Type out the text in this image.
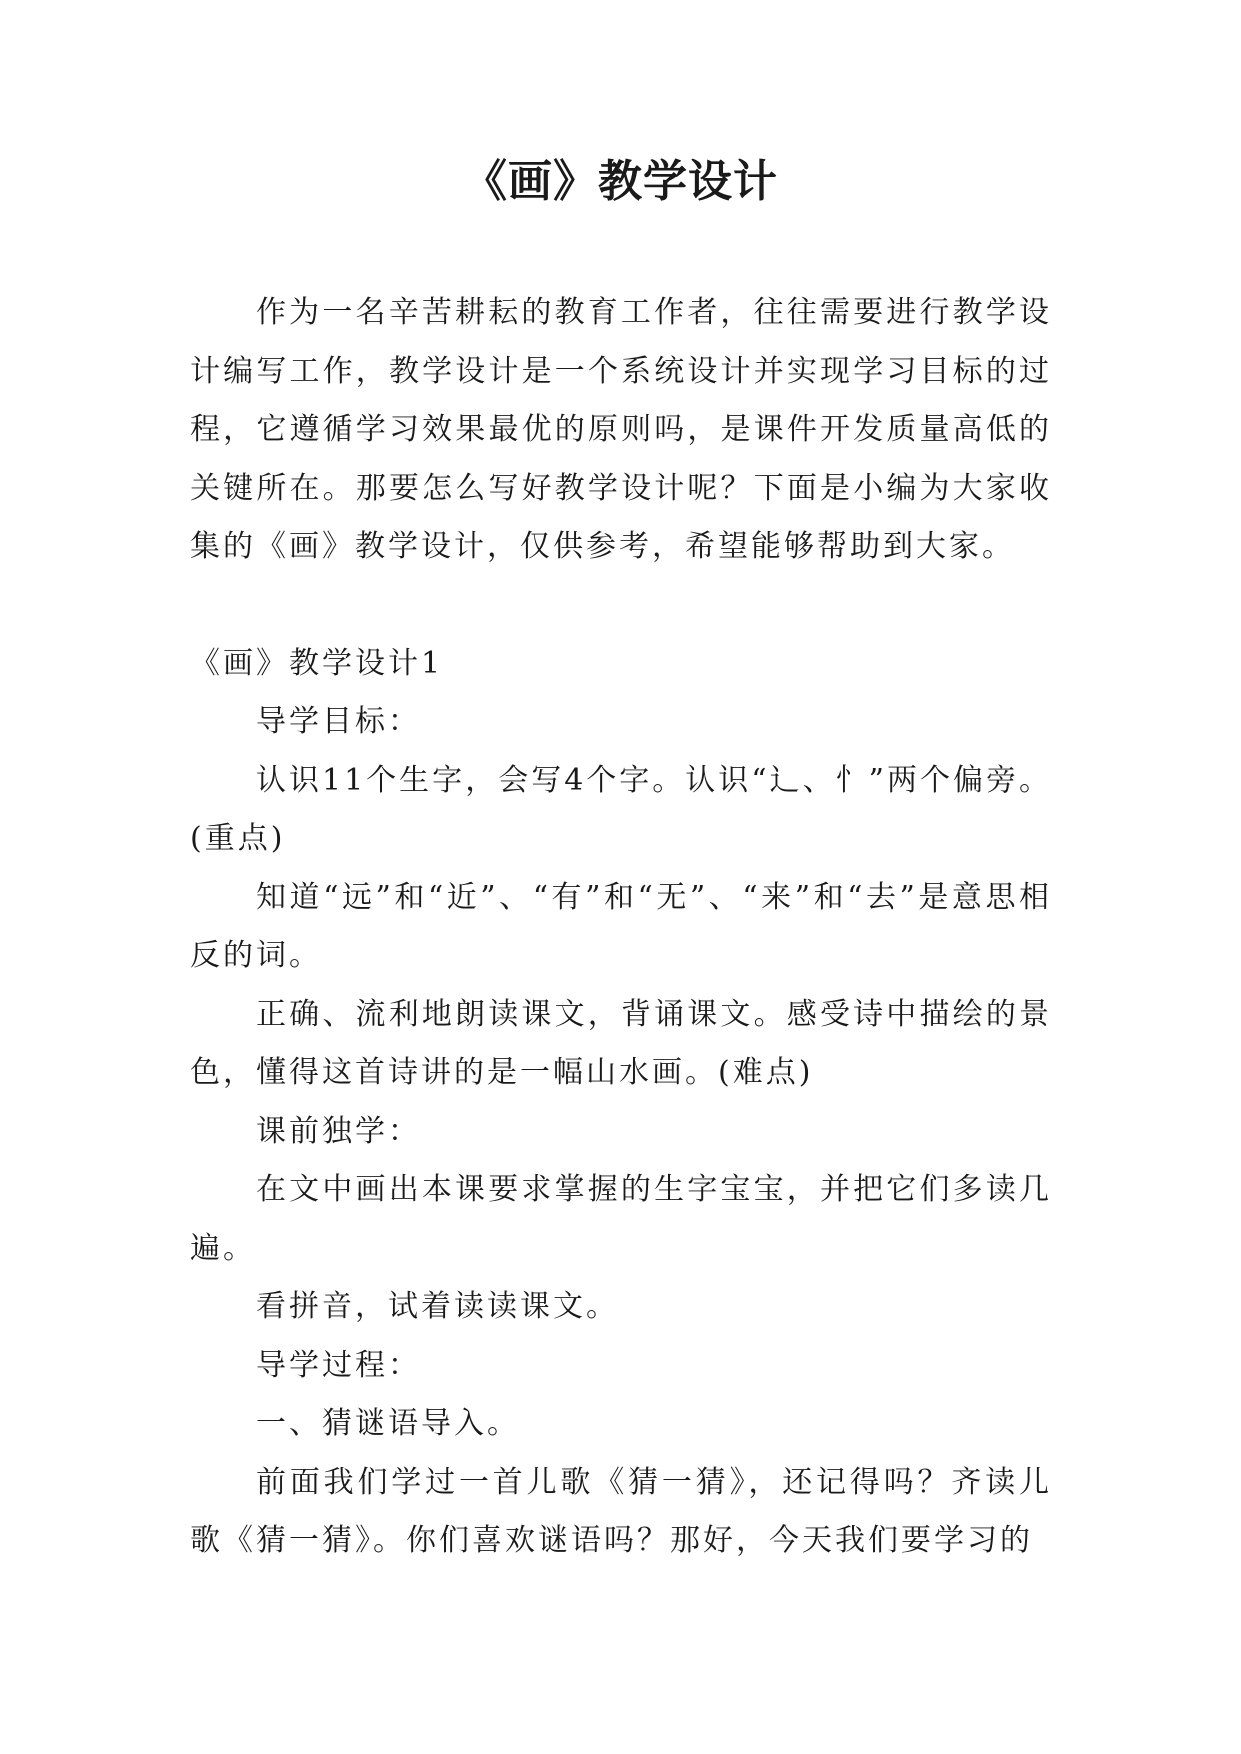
《画》教学设计

作为一名辛苦耕耘的教育工作者，往往需要进行教学设计编写工作，教学设计是一个系统设计并实现学习目标的过程，它遵循学习效果最优的原则吗，是课件开发质量高低的关键所在。那要怎么写好教学设计呢？下面是小编为大家收集的《画》教学设计，仅供参考，希望能够帮助到大家。

《画》教学设计1

导学目标：

认识11个生字，会写4个字。认识“辶、忄”两个偏旁。(重点)

知道“远”和“近”、“有”和“无”、“来”和“去”是意思相反的词。

正确、流利地朗读课文，背诵课文。感受诗中描绘的景色，懂得这首诗讲的是一幅山水画。(难点)

课前独学：

在文中画出本课要求掌握的生字宝宝，并把它们多读几遍。

看拼音，试着读读课文。

导学过程：

一、猜谜语导入。

前面我们学过一首儿歌《猜一猜》，还记得吗？齐读儿歌《猜一猜》。你们喜欢谜语吗？那好，今天我们要学习的
